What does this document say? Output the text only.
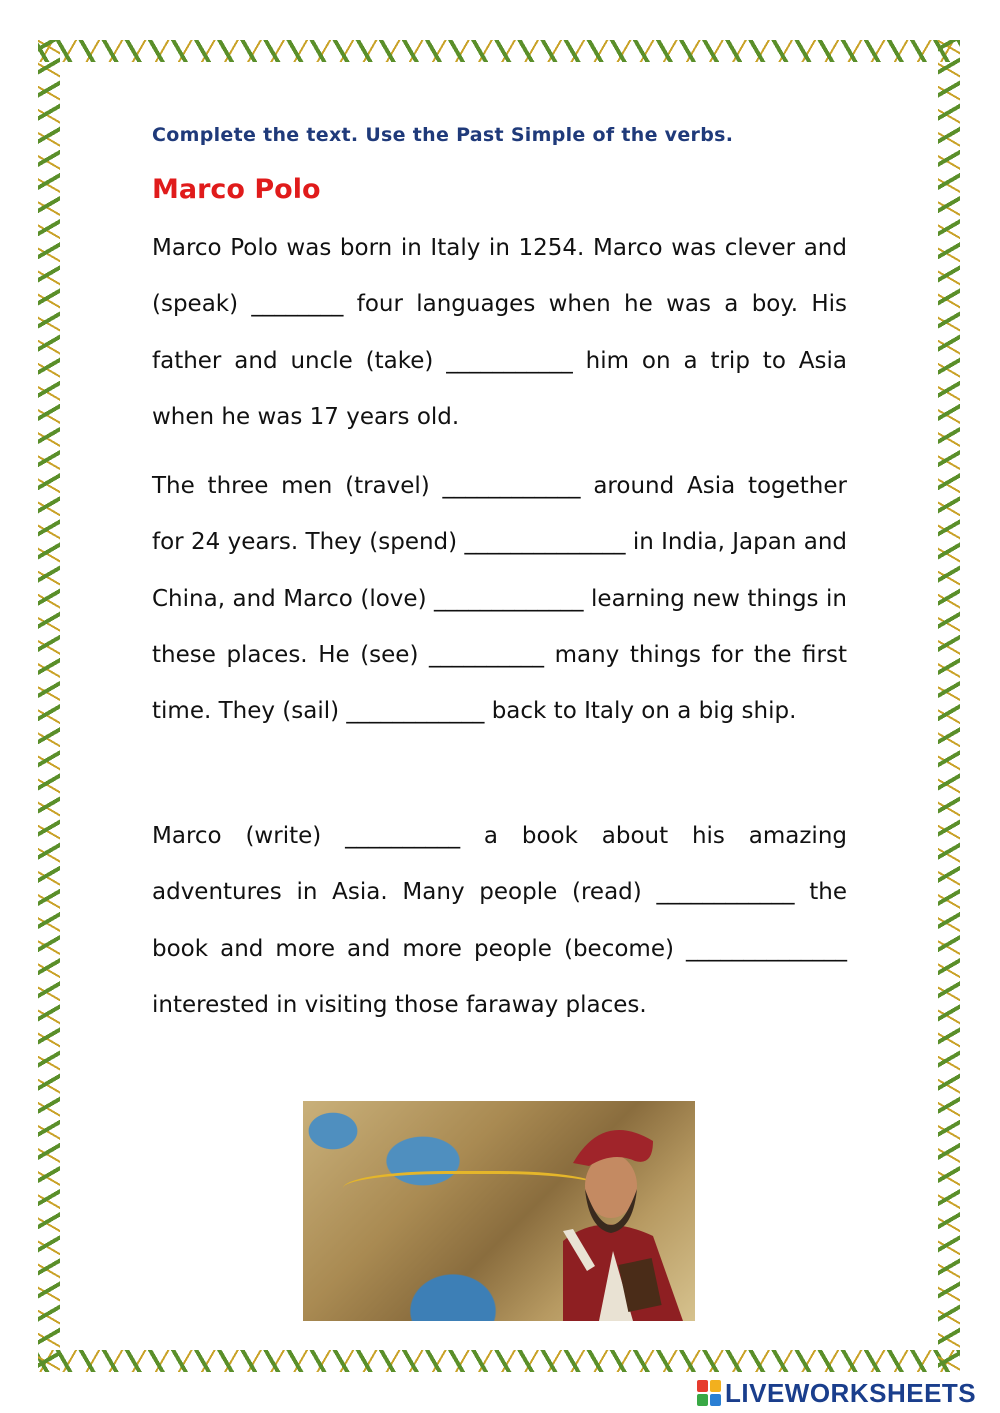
Complete the text. Use the Past Simple of the verbs.
Marco Polo
Marco Polo was born in Italy in 1254. Marco was clever and (speak) ________ four languages when he was a boy. His father and uncle (take) ___________ him on a trip to Asia when he was 17 years old.
The three men (travel) ____________ around Asia together for 24 years. They (spend) ______________ in India, Japan and China, and Marco (love) _____________ learning new things in these places. He (see) __________ many things for the first time. They (sail) ____________ back to Italy on a big ship.
Marco (write) __________ a book about his amazing adventures in Asia. Many people (read) ____________ the book and more and more people (become) ______________ interested in visiting those faraway places.
LIVEWORKSHEETS
